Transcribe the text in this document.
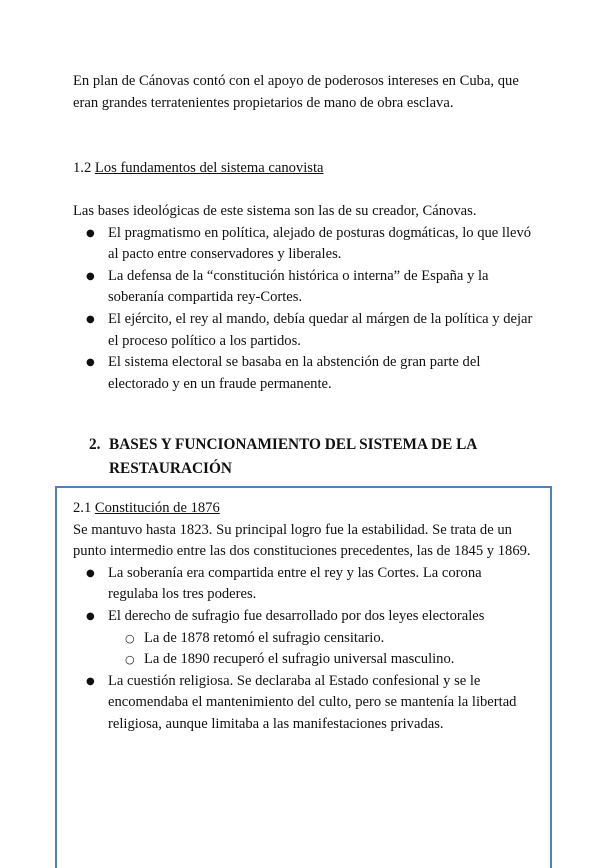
En plan de Cánovas contó con el apoyo de poderosos intereses en Cuba, que eran grandes terratenientes propietarios de mano de obra esclava.

1.2 Los fundamentos del sistema canovista

Las bases ideológicas de este sistema son las de su creador, Cánovas.

● El pragmatismo en política, alejado de posturas dogmáticas, lo que llevó al pacto entre conservadores y liberales.
● La defensa de la “constitución histórica o interna” de España y la soberanía compartida rey-Cortes.
● El ejército, el rey al mando, debía quedar al márgen de la política y dejar el proceso político a los partidos.
● El sistema electoral se basaba en la abstención de gran parte del electorado y en un fraude permanente.
2. BASES Y FUNCIONAMIENTO DEL SISTEMA DE LA RESTAURACIÓN

2.1 Constitución de 1876

Se mantuvo hasta 1823. Su principal logro fue la estabilidad. Se trata de un punto intermedio entre las dos constituciones precedentes, las de 1845 y 1869.

● La soberanía era compartida entre el rey y las Cortes. La corona regulaba los tres poderes.
● El derecho de sufragio fue desarrollado por dos leyes electorales
○ La de 1878 retomó el sufragio censitario.
○ La de 1890 recuperó el sufragio universal masculino.
● La cuestión religiosa. Se declaraba al Estado confesional y se le encomendaba el mantenimiento del culto, pero se mantenía la libertad religiosa, aunque limitaba a las manifestaciones privadas.
